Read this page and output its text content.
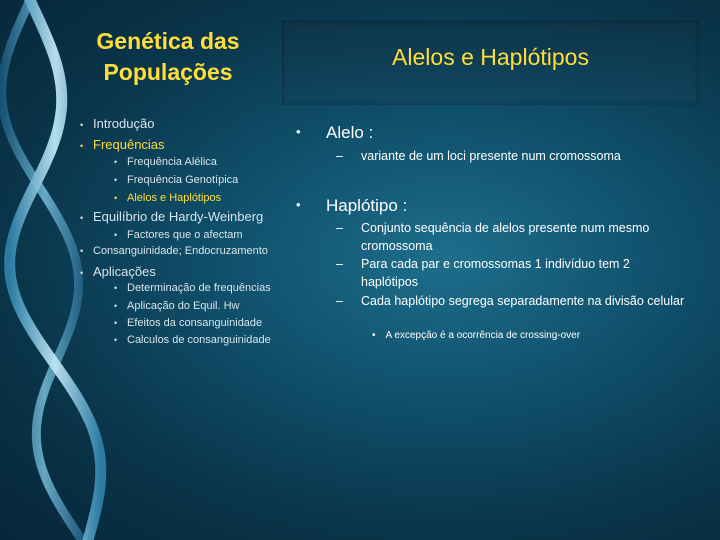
Genética das Populações
Alelos e Haplótipos
• Introdução
• Frequências
• Frequência Alélica
• Frequência Genotípica
• Alelos e Haplótipos
• Equilíbrio de Hardy-Weinberg
• Factores que o afectam
• Consanguinidade; Endocruzamento
• Aplicações
• Determinação de frequências
• Aplicação do Equil. Hw
• Efeitos da consanguinidade
• Calculos de consanguinidade
• Alelo :
– variante de um loci presente num cromossoma
• Haplótipo :
– Conjunto sequência de alelos presente num mesmo cromossoma
– Para cada par e cromossomas 1 indivíduo tem 2 haplótipos
– Cada haplótipo segrega separadamente na divisão celular
• A excepção é a ocorrência de crossing-over
